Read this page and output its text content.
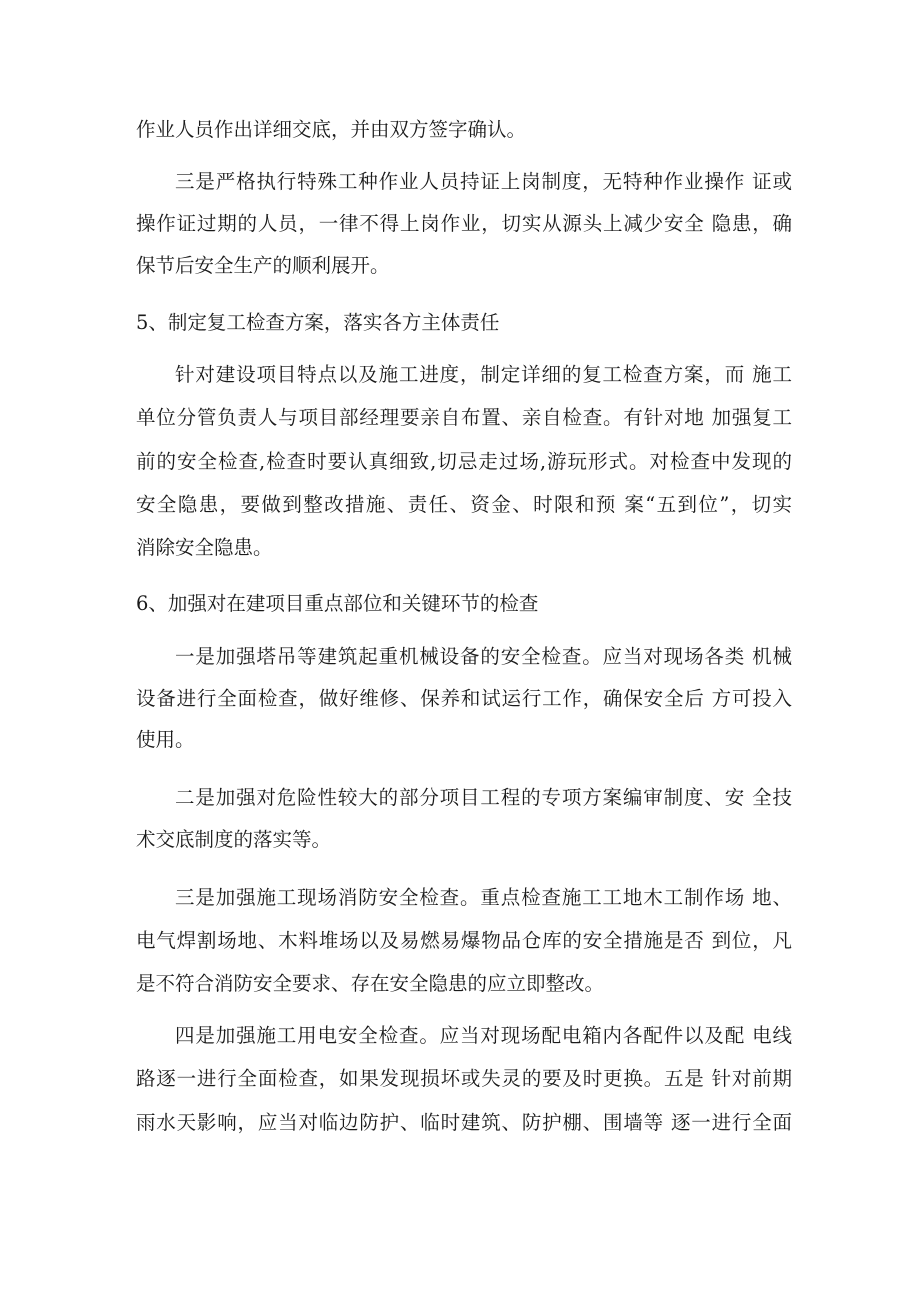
作业人员作出详细交底，并由双方签字确认。
三是严格执行特殊工种作业人员持证上岗制度，无特种作业操作 证或
操作证过期的人员，一律不得上岗作业，切实从源头上减少安全 隐患，确
保节后安全生产的顺利展开。
5、制定复工检查方案，落实各方主体责任
针对建设项目特点以及施工进度，制定详细的复工检查方案，而 施工
单位分管负责人与项目部经理要亲自布置、亲自检查。有针对地 加强复工
前的安全检查,检查时要认真细致,切忌走过场,游玩形式。对检查中发现的
安全隐患，要做到整改措施、责任、资金、时限和预 案“五到位”，切实
消除安全隐患。
6、加强对在建项目重点部位和关键环节的检查
一是加强塔吊等建筑起重机械设备的安全检查。应当对现场各类 机械
设备进行全面检查，做好维修、保养和试运行工作，确保安全后 方可投入
使用。
二是加强对危险性较大的部分项目工程的专项方案编审制度、安 全技
术交底制度的落实等。
三是加强施工现场消防安全检查。重点检查施工工地木工制作场 地、
电气焊割场地、木料堆场以及易燃易爆物品仓库的安全措施是否 到位，凡
是不符合消防安全要求、存在安全隐患的应立即整改。
四是加强施工用电安全检查。应当对现场配电箱内各配件以及配 电线
路逐一进行全面检查，如果发现损坏或失灵的要及时更换。五是 针对前期
雨水天影响，应当对临边防护、临时建筑、防护棚、围墙等 逐一进行全面
